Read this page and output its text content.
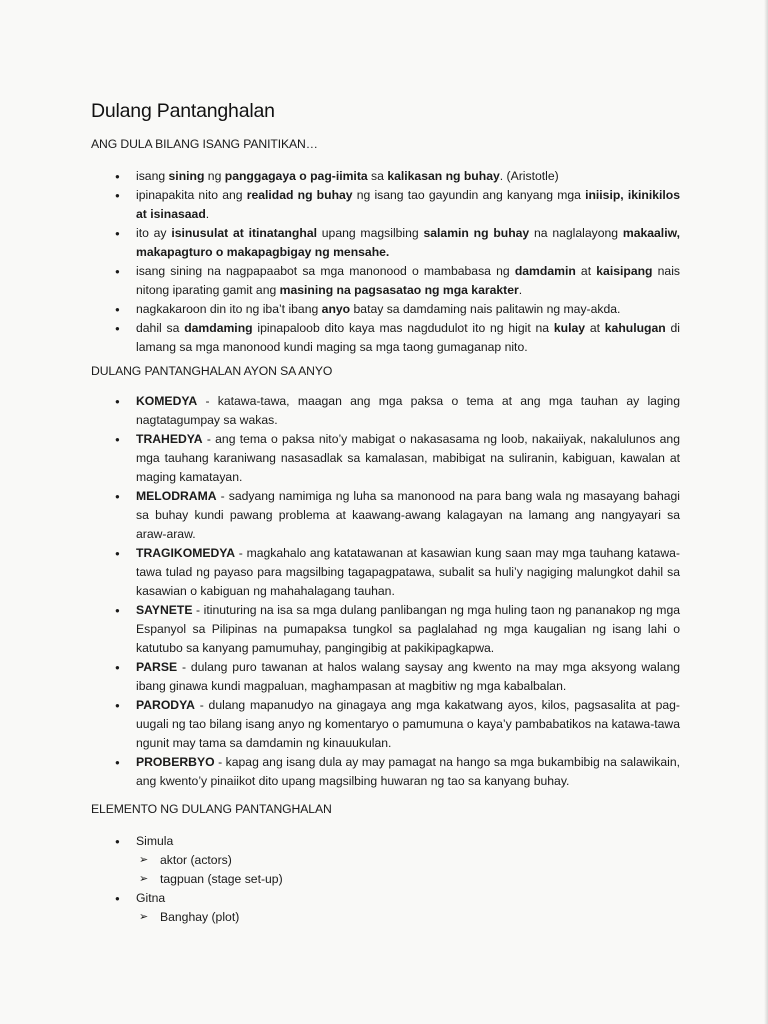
Dulang Pantanghalan
ANG DULA BILANG ISANG PANITIKAN…
● isang sining ng panggagaya o pag-iimita sa kalikasan ng buhay. (Aristotle)
● ipinapakita nito ang realidad ng buhay ng isang tao gayundin ang kanyang mga iniisip, ikinikilos at isinasaad.
● ito ay isinusulat at itinatanghal upang magsilbing salamin ng buhay na naglalayong makaaliw, makapagturo o makapagbigay ng mensahe.
● isang sining na nagpapaabot sa mga manonood o mambabasa ng damdamin at kaisipang nais nitong iparating gamit ang masining na pagsasatao ng mga karakter.
● nagkakaroon din ito ng iba’t ibang anyo batay sa damdaming nais palitawin ng may-akda.
● dahil sa damdaming ipinapaloob dito kaya mas nagdudulot ito ng higit na kulay at kahulugan di lamang sa mga manonood kundi maging sa mga taong gumaganap nito.
DULANG PANTANGHALAN AYON SA ANYO
● KOMEDYA - katawa-tawa, maagan ang mga paksa o tema at ang mga tauhan ay laging nagtatagumpay sa wakas.
● TRAHEDYA - ang tema o paksa nito’y mabigat o nakasasama ng loob, nakaiiyak, nakalulunos ang mga tauhang karaniwang nasasadlak sa kamalasan, mabibigat na suliranin, kabiguan, kawalan at maging kamatayan.
● MELODRAMA - sadyang namimiga ng luha sa manonood na para bang wala ng masayang bahagi sa buhay kundi pawang problema at kaawang-awang kalagayan na lamang ang nangyayari sa araw-araw.
● TRAGIKOMEDYA - magkahalo ang katatawanan at kasawian kung saan may mga tauhang katawa-tawa tulad ng payaso para magsilbing tagapagpatawa, subalit sa huli’y nagiging malungkot dahil sa kasawian o kabiguan ng mahahalagang tauhan.
● SAYNETE - itinuturing na isa sa mga dulang panlibangan ng mga huling taon ng pananakop ng mga Espanyol sa Pilipinas na pumapaksa tungkol sa paglalahad ng mga kaugalian ng isang lahi o katutubo sa kanyang pamumuhay, pangingibig at pakikipagkapwa.
● PARSE - dulang puro tawanan at halos walang saysay ang kwento na may mga aksyong walang ibang ginawa kundi magpaluan, maghampasan at magbitiw ng mga kabalbalan.
● PARODYA - dulang mapanudyo na ginagaya ang mga kakatwang ayos, kilos, pagsasalita at pag-uugali ng tao bilang isang anyo ng komentaryo o pamumuna o kaya’y pambabatikos na katawa-tawa ngunit may tama sa damdamin ng kinauukulan.
● PROBERBYO - kapag ang isang dula ay may pamagat na hango sa mga bukambibig na salawikain, ang kwento’y pinaiikot dito upang magsilbing huwaran ng tao sa kanyang buhay.
ELEMENTO NG DULANG PANTANGHALAN
● Simula
➢ aktor (actors)
➢ tagpuan (stage set-up)
● Gitna
➢ Banghay (plot)
